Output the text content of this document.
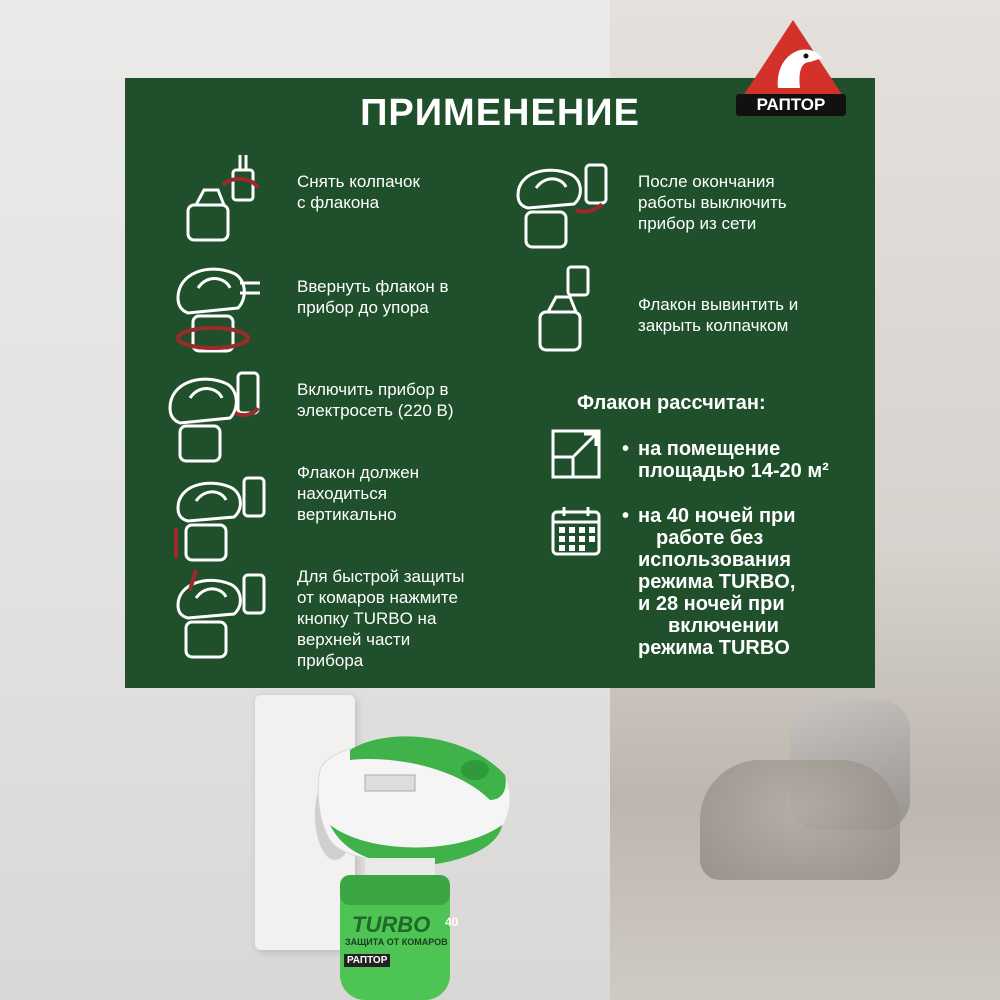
ПРИМЕНЕНИЕ	РАПТОР
Снять колпачок
с флакона
Ввернуть флакон в
прибор до упора
Включить прибор в
электросеть (220 В)
Флакон должен
находиться
вертикально
Для быстрой защиты
от комаров нажмите
кнопку TURBO на
верхней части
прибора
После окончания
работы выключить
прибор из сети
Флакон вывинтить и
закрыть колпачком
Флакон рассчитан:
• на помещение
площадью 14-20 м²
• на 40 ночей при
работе без
использования
режима TURBO,
и 28 ночей при
включении
режима TURBO
TURBO
ЗАЩИТА ОТ КОМАРОВ
40
РАПТОР
